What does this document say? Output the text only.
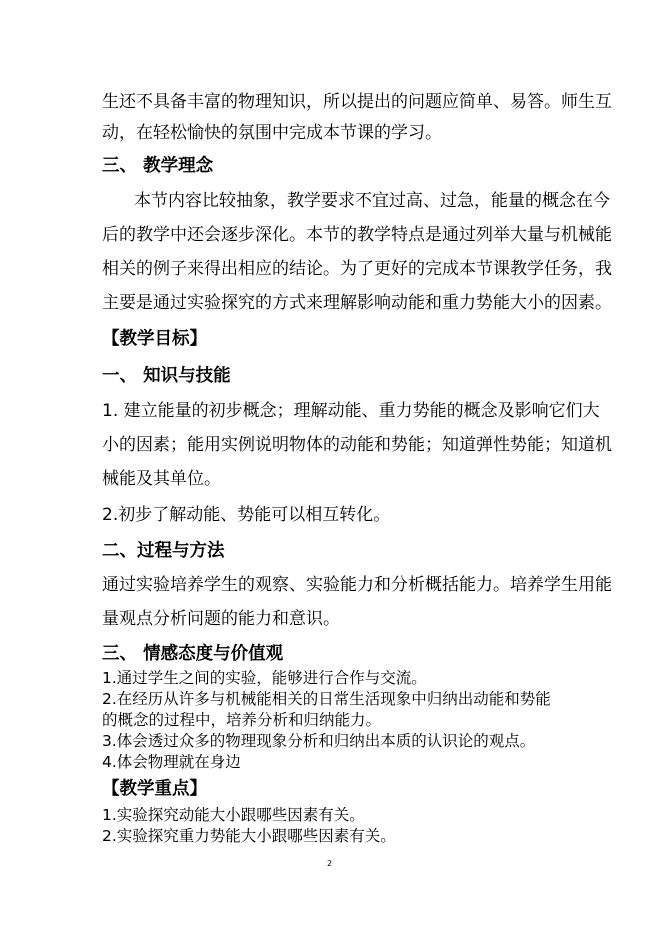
生还不具备丰富的物理知识，所以提出的问题应简单、易答。师生互
动，在轻松愉快的氛围中完成本节课的学习。
三、 教学理念
本节内容比较抽象，教学要求不宜过高、过急，能量的概念在今
后的教学中还会逐步深化。本节的教学特点是通过列举大量与机械能
相关的例子来得出相应的结论。为了更好的完成本节课教学任务，我
主要是通过实验探究的方式来理解影响动能和重力势能大小的因素。
【教学目标】
一、 知识与技能
1. 建立能量的初步概念；理解动能、重力势能的概念及影响它们大
小的因素；能用实例说明物体的动能和势能；知道弹性势能；知道机
械能及其单位。
2.初步了解动能、势能可以相互转化。
二、过程与方法
通过实验培养学生的观察、实验能力和分析概括能力。培养学生用能
量观点分析问题的能力和意识。
三、 情感态度与价值观
1.通过学生之间的实验，能够进行合作与交流。
2.在经历从许多与机械能相关的日常生活现象中归纳出动能和势能
的概念的过程中，培养分析和归纳能力。
3.体会透过众多的物理现象分析和归纳出本质的认识论的观点。
4.体会物理就在身边
【教学重点】
1.实验探究动能大小跟哪些因素有关。
2.实验探究重力势能大小跟哪些因素有关。
2
